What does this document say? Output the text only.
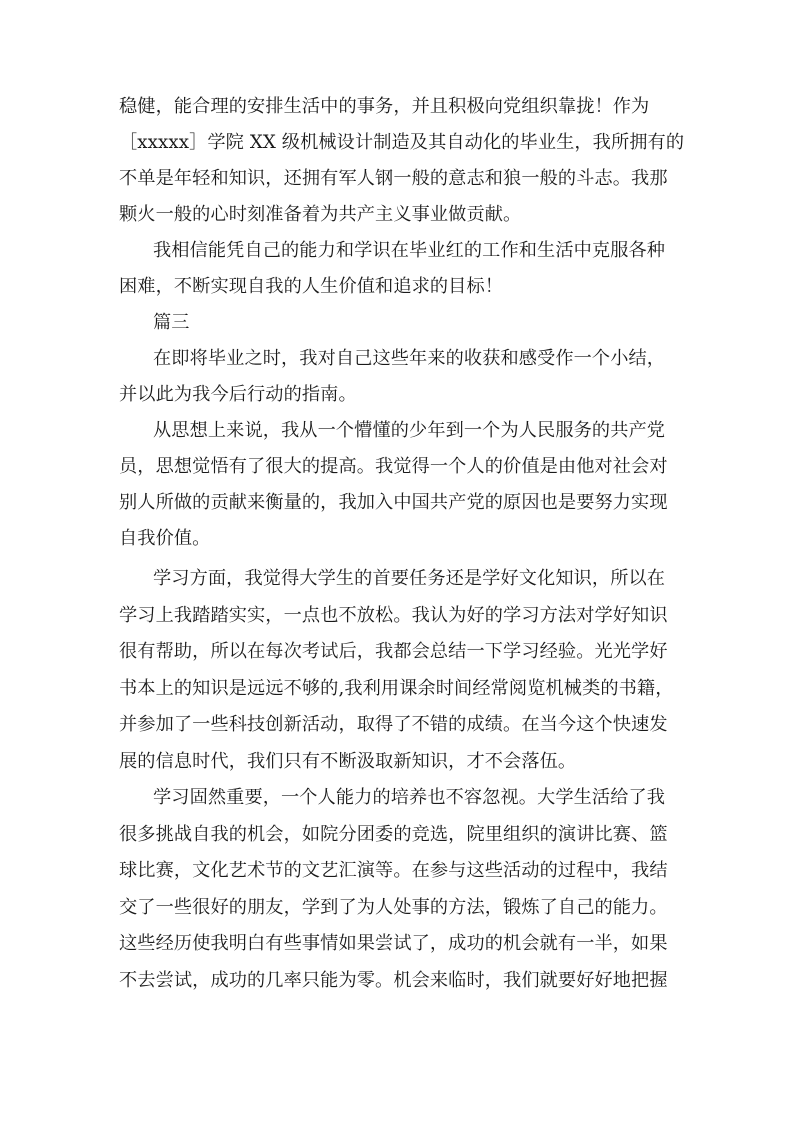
稳健，能合理的安排生活中的事务，并且积极向党组织靠拢！作为
［xxxxx］学院 XX 级机械设计制造及其自动化的毕业生，我所拥有的
不单是年轻和知识，还拥有军人钢一般的意志和狼一般的斗志。我那
颗火一般的心时刻准备着为共产主义事业做贡献。
我相信能凭自己的能力和学识在毕业红的工作和生活中克服各种
困难，不断实现自我的人生价值和追求的目标！
篇三
在即将毕业之时，我对自己这些年来的收获和感受作一个小结，
并以此为我今后行动的指南。
从思想上来说，我从一个懵懂的少年到一个为人民服务的共产党
员，思想觉悟有了很大的提高。我觉得一个人的价值是由他对社会对
别人所做的贡献来衡量的，我加入中国共产党的原因也是要努力实现
自我价值。
学习方面，我觉得大学生的首要任务还是学好文化知识，所以在
学习上我踏踏实实，一点也不放松。我认为好的学习方法对学好知识
很有帮助，所以在每次考试后，我都会总结一下学习经验。光光学好
书本上的知识是远远不够的,我利用课余时间经常阅览机械类的书籍，
并参加了一些科技创新活动，取得了不错的成绩。在当今这个快速发
展的信息时代，我们只有不断汲取新知识，才不会落伍。
学习固然重要，一个人能力的培养也不容忽视。大学生活给了我
很多挑战自我的机会，如院分团委的竞选，院里组织的演讲比赛、篮
球比赛，文化艺术节的文艺汇演等。在参与这些活动的过程中，我结
交了一些很好的朋友，学到了为人处事的方法，锻炼了自己的能力。
这些经历使我明白有些事情如果尝试了，成功的机会就有一半，如果
不去尝试，成功的几率只能为零。机会来临时，我们就要好好地把握
